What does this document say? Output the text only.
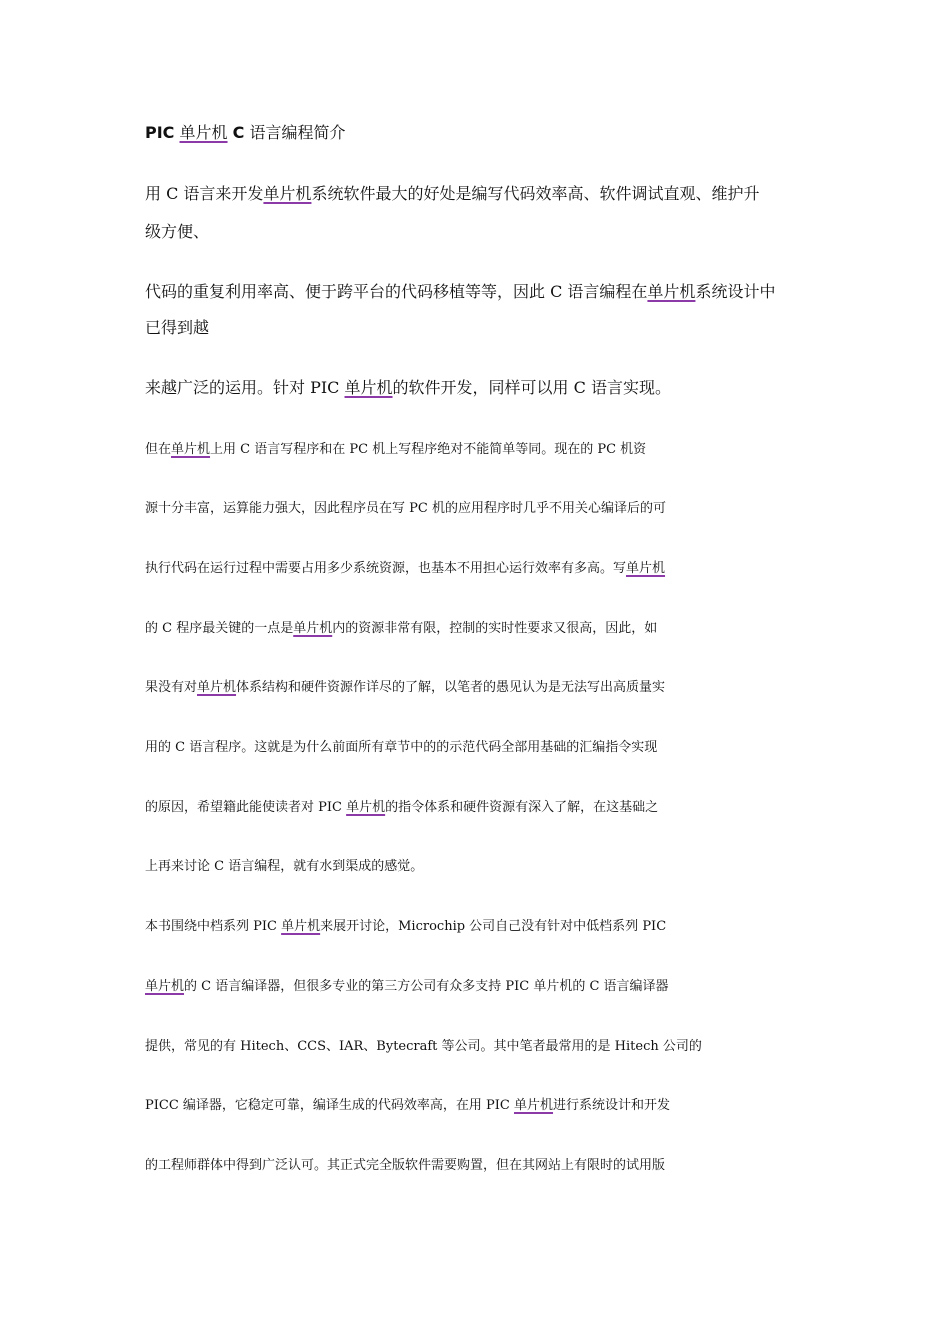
PIC 单片机 C 语言编程简介
用 C 语言来开发单片机系统软件最大的好处是编写代码效率高、软件调试直观、维护升
级方便、
代码的重复利用率高、便于跨平台的代码移植等等，因此 C 语言编程在单片机系统设计中
已得到越
来越广泛的运用。针对 PIC 单片机的软件开发，同样可以用 C 语言实现。
但在单片机上用 C 语言写程序和在 PC 机上写程序绝对不能简单等同。现在的 PC 机资
源十分丰富，运算能力强大，因此程序员在写 PC 机的应用程序时几乎不用关心编译后的可
执行代码在运行过程中需要占用多少系统资源，也基本不用担心运行效率有多高。写单片机
的 C 程序最关键的一点是单片机内的资源非常有限，控制的实时性要求又很高，因此，如
果没有对单片机体系结构和硬件资源作详尽的了解，以笔者的愚见认为是无法写出高质量实
用的 C 语言程序。这就是为什么前面所有章节中的的示范代码全部用基础的汇编指令实现
的原因，希望籍此能使读者对 PIC 单片机的指令体系和硬件资源有深入了解，在这基础之
上再来讨论 C 语言编程，就有水到渠成的感觉。
本书围绕中档系列 PIC 单片机来展开讨论，Microchip 公司自己没有针对中低档系列 PIC
单片机的 C 语言编译器，但很多专业的第三方公司有众多支持 PIC 单片机的 C 语言编译器
提供，常见的有 Hitech、CCS、IAR、Bytecraft 等公司。其中笔者最常用的是 Hitech 公司的
PICC 编译器，它稳定可靠，编译生成的代码效率高，在用 PIC 单片机进行系统设计和开发
的工程师群体中得到广泛认可。其正式完全版软件需要购置，但在其网站上有限时的试用版
